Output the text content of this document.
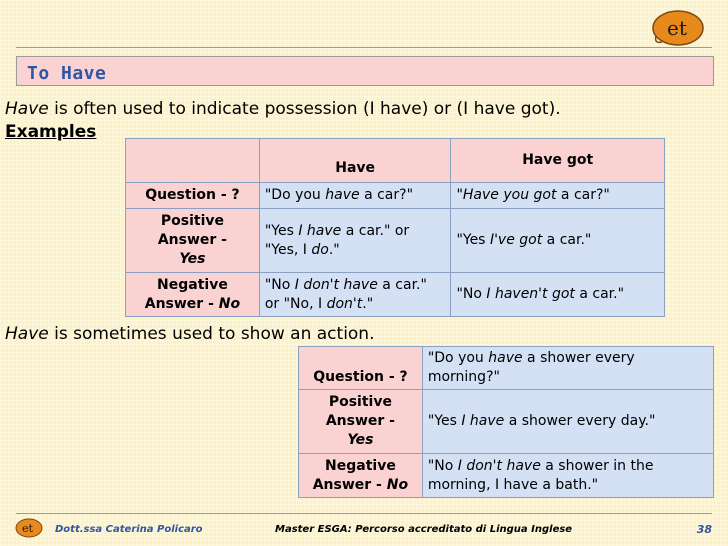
et
To Have
Have is often used to indicate possession (I have) or (I have got).
Examples
	Have	Have got
Question - ?	"Do you have a car?"	"Have you got a car?"
Positive
Answer -
Yes	"Yes I have a car." or "Yes, I do."	"Yes I've got a car."
Negative
Answer - No	"No I don't have a car." or "No, I don't."	"No I haven't got a car."
Have is sometimes used to show an action.
Question - ?	"Do you have a shower every morning?"
Positive
Answer -
Yes	"Yes I have a shower every day."
Negative
Answer - No	"No I don't have a shower in the morning, I have a bath."
et Dott.ssa Caterina Policaro	Master ESGA: Percorso accreditato di Lingua Inglese	38
